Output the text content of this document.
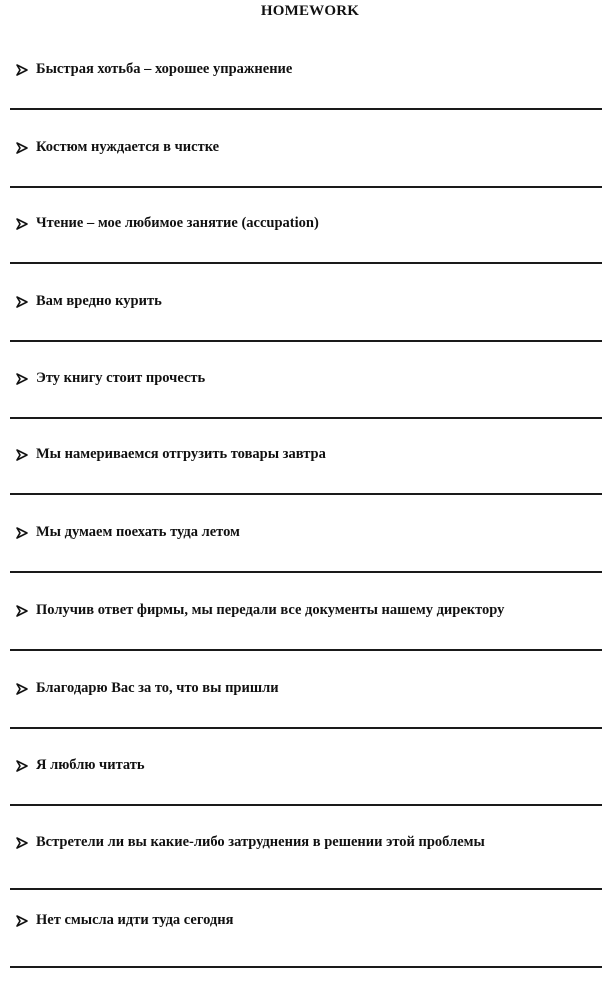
HOMEWORK
Быстрая хотьба – хорошее упражнение
Костюм нуждается в чистке
Чтение – мое любимое занятие (accupation)
Вам вредно курить
Эту книгу стоит прочесть
Мы намериваемся отгрузить товары завтра
Мы думаем поехать туда летом
Получив ответ фирмы, мы передали все документы нашему директору
Благодарю Вас за то, что вы пришли
Я люблю читать
Встретели ли вы какие-либо затруднения в решении этой проблемы
Нет смысла идти туда сегодня
